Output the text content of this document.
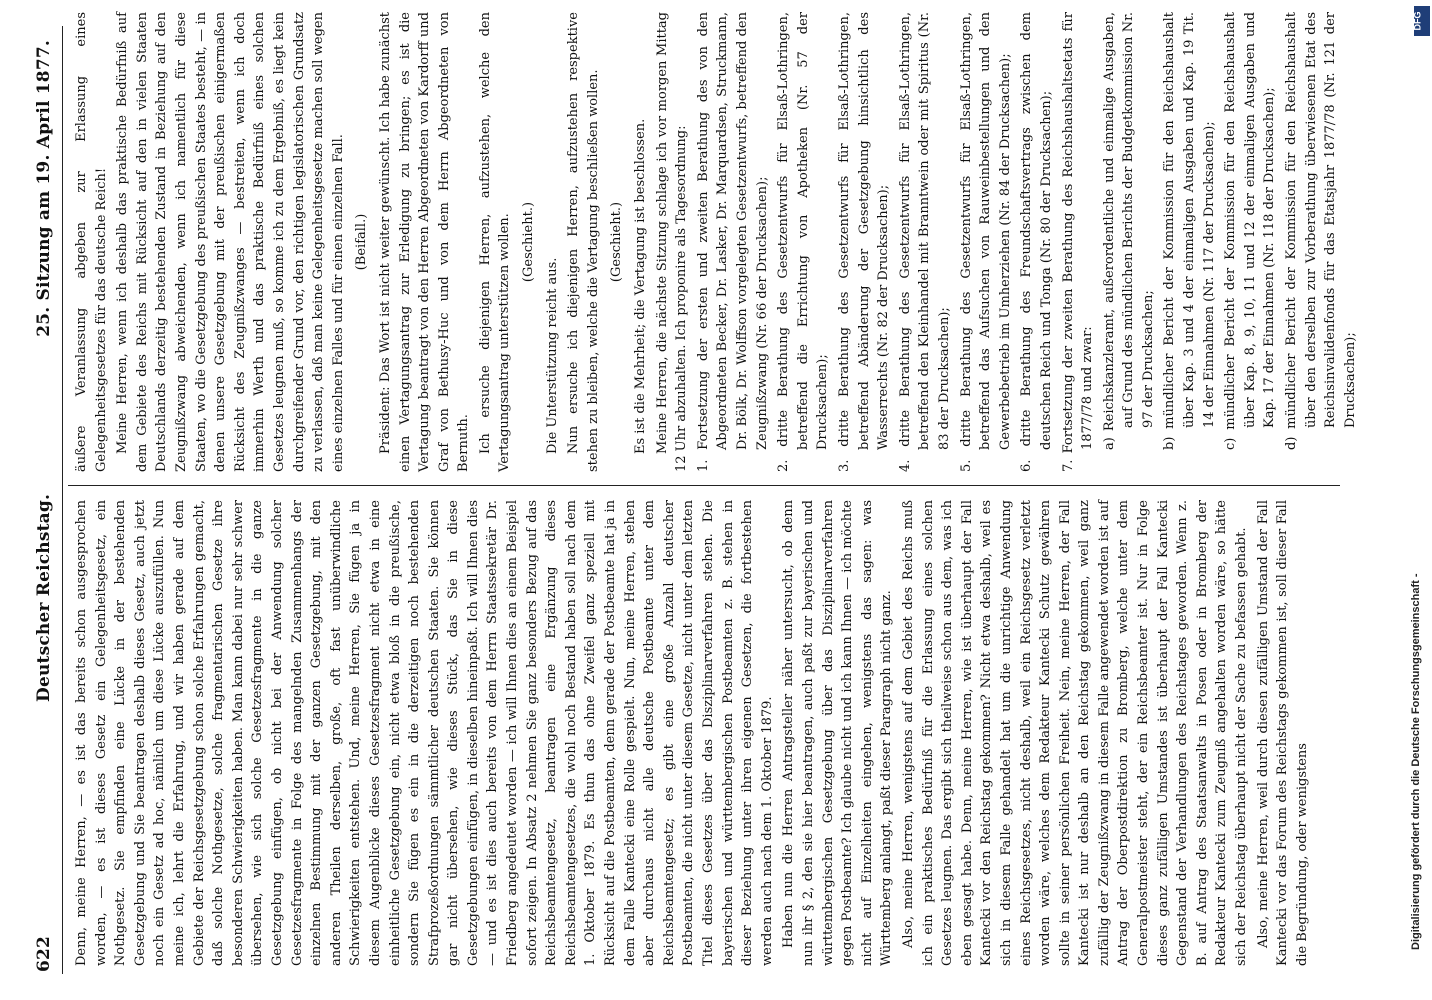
622
Deutscher Reichstag.
25. Sitzung am 19. April 1877.

Denn, meine Herren, — es ist das bereits schon ausgesprochen worden, — es ist dieses Gesetz ein Gelegenheitsgesetz, ein Nothgesetz. Sie empfinden eine Lücke in der bestehenden Gesetzgebung und Sie beantragen deshalb dieses Gesetz, auch jetzt noch ein Gesetz ad hoc, nämlich um diese Lücke auszufüllen. Nun meine ich, lehrt die Erfahrung, und wir haben gerade auf dem Gebiete der Reichsgesetzgebung schon solche Erfahrungen gemacht, daß solche Nothgesetze, solche fragmentarischen Gesetze ihre besonderen Schwierigkeiten haben. Man kann dabei nur sehr schwer übersehen, wie sich solche Gesetzesfragmente in die ganze Gesetzgebung einfügen, ob nicht bei der Anwendung solcher Gesetzesfragmente in Folge des mangelnden Zusammenhangs der einzelnen Bestimmung mit der ganzen Gesetzgebung, mit den anderen Theilen derselben, große, oft fast unüberwindliche Schwierigkeiten entstehen. Und, meine Herren, Sie fügen ja in diesem Augenblicke dieses Gesetzesfragment nicht etwa in eine einheitliche Gesetzgebung ein, nicht etwa bloß in die preußische, sondern Sie fügen es ein in die derzeitigen noch bestehenden Strafprozeßordnungen sämmtlicher deutschen Staaten. Sie können gar nicht übersehen, wie dieses Stück, das Sie in diese Gesetzgebungen einfügen, in dieselben hineinpaßt. Ich will Ihnen dies — und es ist dies auch bereits von dem Herrn Staatssekretär Dr. Friedberg angedeutet worden — ich will Ihnen dies an einem Beispiel sofort zeigen. In Absatz 2 nehmen Sie ganz besonders Bezug auf das Reichsbeamtengesetz, beantragen eine Ergänzung dieses Reichsbeamtengesetzes, die wohl noch Bestand haben soll nach dem 1. Oktober 1879. Es thun das ohne Zweifel ganz speziell mit Rücksicht auf die Postbeamten, denn gerade der Postbeamte hat ja in dem Falle Kantecki eine Rolle gespielt. Nun, meine Herren, stehen aber durchaus nicht alle deutsche Postbeamte unter dem Reichsbeamtengesetz; es gibt eine große Anzahl deutscher Postbeamten, die nicht unter diesem Gesetze, nicht unter dem letzten Titel dieses Gesetzes über das Disziplinarverfahren stehen. Die bayerischen und württembergischen Postbeamten z. B. stehen in dieser Beziehung unter ihren eigenen Gesetzen, die fortbestehen werden auch nach dem 1. Oktober 1879. Haben nun die Herren Antragsteller näher untersucht, ob denn nun ihr § 2, den sie hier beantragen, auch paßt zur bayerischen und württembergischen Gesetzgebung über das Disziplinarverfahren gegen Postbeamte? Ich glaube nicht und ich kann Ihnen — ich möchte nicht auf Einzelheiten eingehen, wenigstens das sagen: was Württemberg anlangt, paßt dieser Paragraph nicht ganz. Also, meine Herren, wenigstens auf dem Gebiet des Reichs muß ich ein praktisches Bedürfniß für die Erlassung eines solchen Gesetzes leugnen. Das ergibt sich theilweise schon aus dem, was ich eben gesagt habe. Denn, meine Herren, wie ist überhaupt der Fall Kantecki vor den Reichstag gekommen? Nicht etwa deshalb, weil es sich in diesem Falle gehandelt hat um die unrichtige Anwendung eines Reichsgesetzes, nicht deshalb, weil ein Reichsgesetz verletzt worden wäre, welches dem Redakteur Kantecki Schutz gewähren sollte in seiner persönlichen Freiheit. Nein, meine Herren, der Fall Kantecki ist nur deshalb an den Reichstag gekommen, weil ganz zufällig der Zeugnißzwang in diesem Falle angewendet worden ist auf Antrag der Oberpostdirektion zu Bromberg, welche unter dem Generalpostmeister steht, der ein Reichsbeamter ist. Nur in Folge dieses ganz zufälligen Umstandes ist überhaupt der Fall Kantecki Gegenstand der Verhandlungen des Reichstages geworden. Wenn z. B. auf Antrag des Staatsanwalts in Posen oder in Bromberg der Redakteur Kantecki zum Zeugniß angehalten worden wäre, so hätte sich der Reichstag überhaupt nicht der Sache zu befassen gehabt. Also, meine Herren, weil durch diesen zufälligen Umstand der Fall Kantecki vor das Forum des Reichstags gekommen ist, soll dieser Fall die Begründung, oder wenigstens

äußere Veranlassung abgeben zur Erlassung eines Gelegenheitsgesetzes für das deutsche Reich! Meine Herren, wenn ich deshalb das praktische Bedürfniß auf dem Gebiete des Reichs mit Rücksicht auf den in vielen Staaten Deutschlands derzeitig bestehenden Zustand in Beziehung auf den Zeugnißzwang abweichenden, wenn ich namentlich für diese Staaten, wo die Gesetzgebung des preußischen Staates besteht, — in denen unsere Gesetzgebung mit der preußischen einigermaßen Rücksicht des Zeugnißzwanges — bestreiten, wenn ich doch immerhin Werth und das praktische Bedürfniß eines solchen Gesetzes leugnen muß, so komme ich zu dem Ergebniß, es liegt kein durchgreifender Grund vor, den richtigen legislatorischen Grundsatz zu verlassen, daß man keine Gelegenheitsgesetze machen soll wegen eines einzelnen Falles und für einen einzelnen Fall. (Beifall.) Präsident: Das Wort ist nicht weiter gewünscht. Ich habe zunächst einen Vertagungsantrag zur Erledigung zu bringen; es ist die Vertagung beantragt von den Herren Abgeordneten von Kardorff und Graf von Bethusy-Huc und von dem Herrn Abgeordneten von Bernuth. Ich ersuche diejenigen Herren, aufzustehen, welche den Vertagungsantrag unterstützen wollen. (Geschieht.)

Die Unterstützung reicht aus. Nun ersuche ich diejenigen Herren, aufzustehen respektive stehen zu bleiben, welche die Vertagung beschließen wollen. (Geschieht.) Es ist die Mehrheit; die Vertagung ist beschlossen. Meine Herren, die nächste Sitzung schlage ich vor morgen Mittag 12 Uhr abzuhalten. Ich proponire als Tagesordnung: 1. Fortsetzung der ersten und zweiten Berathung des von den Abgeordneten Becker, Dr. Lasker, Dr. Marquardsen, Struckmann, Dr. Bölk, Dr. Wolffson vorgelegten Gesetzentwurfs, betreffend den Zeugnißzwang (Nr. 66 der Drucksachen); 2. dritte Berathung des Gesetzentwurfs für Elsaß-Lothringen, betreffend die Errichtung von Apotheken (Nr. 57 der Drucksachen); 3. dritte Berathung des Gesetzentwurfs für Elsaß-Lothringen, betreffend Abänderung der Gesetzgebung hinsichtlich des Wasserrechts (Nr. 82 der Drucksachen); 4. dritte Berathung des Gesetzentwurfs für Elsaß-Lothringen, betreffend den Kleinhandel mit Branntwein oder mit Spiritus (Nr. 83 der Drucksachen); 5. dritte Berathung des Gesetzentwurfs für Elsaß-Lothringen, betreffend das Aufsuchen von Rauweinbestellungen und den Gewerbebetrieb im Umherziehen (Nr. 84 der Drucksachen); 6. dritte Berathung des Freundschaftsvertrags zwischen dem deutschen Reich und Tonga (Nr. 80 der Drucksachen); 7. Fortsetzung der zweiten Berathung des Reichshaushaltsetats für 1877/78 und zwar: a) Reichskanzleramt, außerordentliche und einmalige Ausgaben, auf Grund des mündlichen Berichts der Budgetkommission Nr. 97 der Drucksachen; b) mündlicher Bericht der Kommission für den Reichshaushalt über Kap. 3 und 4 der einmaligen Ausgaben und Kap. 19 Tit. 14 der Einnahmen (Nr. 117 der Drucksachen); c) mündlicher Bericht der Kommission für den Reichshaushalt über Kap. 8, 9, 10, 11 und 12 der einmaligen Ausgaben und Kap. 17 der Einnahmen (Nr. 118 der Drucksachen); d) mündlicher Bericht der Kommission für den Reichshaushalt über den derselben zur Vorberathung überwiesenen Etat des Reichsinvalidenfonds für das Etatsjahr 1877/78 (Nr. 121 der Drucksachen);

Digitalisierung gefördert durch die Deutsche Forschungsgemeinschaft -
DFG
